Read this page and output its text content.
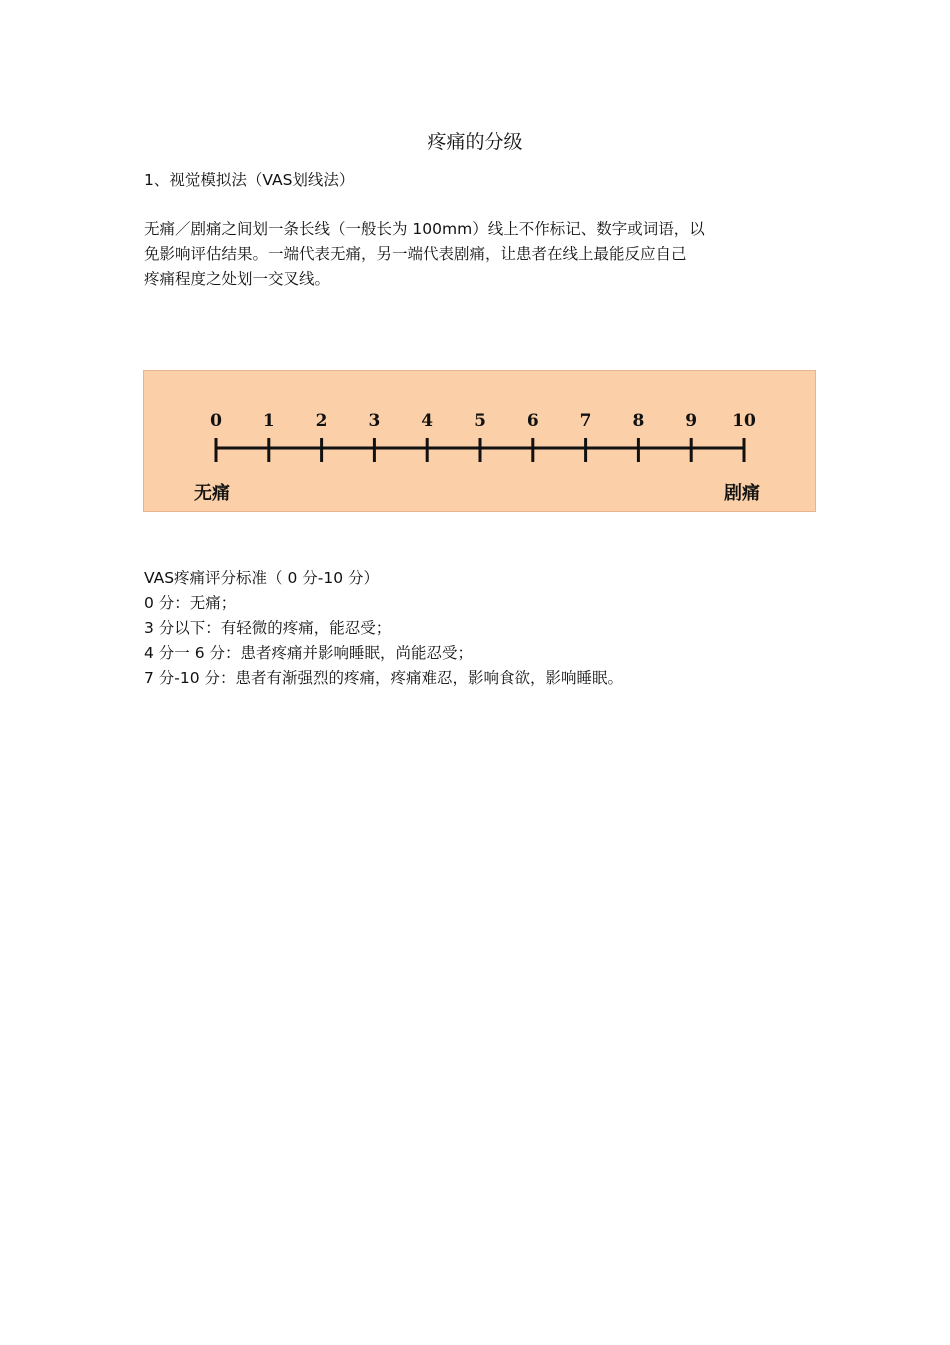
疼痛的分级
1、视觉模拟法（VAS划线法）
无痛／剧痛之间划一条长线（一般长为 100mm）线上不作标记、数字或词语，以
免影响评估结果。一端代表无痛，另一端代表剧痛，让患者在线上最能反应自己
疼痛程度之处划一交叉线。
0 1 2 3 4 5 6 7 8 9 10
无痛	剧痛
VAS疼痛评分标准（ 0 分-10 分）
0 分：无痛；
3 分以下：有轻微的疼痛，能忍受；
4 分一 6 分：患者疼痛并影响睡眠，尚能忍受；
7 分-10 分：患者有渐强烈的疼痛，疼痛难忍，影响食欲，影响睡眠。
